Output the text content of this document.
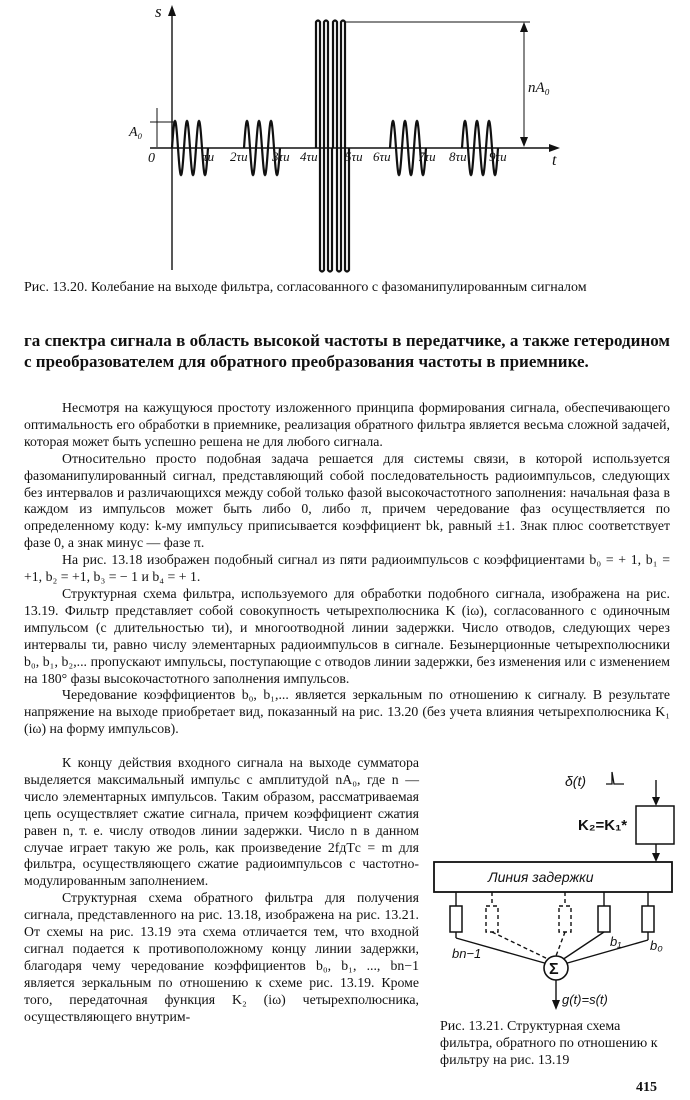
s
t
0
A₀
nA₀
τи 2τи 3τи 4τи 5τи 6τи 7τи 8τи 9τи
Рис. 13.20. Колебание на выходе фильтра, согласованного с фазоманипулированным сигналом
га спектра сигнала в область высокой частоты в передатчике, а также гетеродином с преобразователем для обратного преобразования частоты в приемнике.

Несмотря на кажущуюся простоту изложенного принципа формирования сигнала, обеспечивающего оптимальность его обработки в приемнике, реализация обратного фильтра является весьма сложной задачей, которая может быть успешно решена не для любого сигнала.

Относительно просто подобная задача решается для системы связи, в которой используется фазоманипулированный сигнал, представляющий собой последовательность радиоимпульсов, следующих без интервалов и различающихся между собой только фазой высокочастотного заполнения: начальная фаза в каждом из импульсов может быть либо 0, либо π, причем чередование фаз осуществляется по определенному коду: k-му импульсу приписывается коэффициент bk, равный ±1. Знак плюс соответствует фазе 0, а знак минус — фазе π.

На рис. 13.18 изображен подобный сигнал из пяти радиоимпульсов с коэффициентами b₀ = + 1, b₁ = +1, b₂ = +1, b₃ = − 1 и b₄ = + 1.

Структурная схема фильтра, используемого для обработки подобного сигнала, изображена на рис. 13.19. Фильтр представляет собой совокупность четырехполюсника K (iω), согласованного с одиночным импульсом (с длительностью τи), и многоотводной линии задержки. Число отводов, следующих через интервалы τи, равно числу элементарных радиоимпульсов в сигнале. Безынерционные четырехполюсники b₀, b₁, b₂,... пропускают импульсы, поступающие с отводов линии задержки, без изменения или с изменением на 180° фазы высокочастотного заполнения импульсов.

Чередование коэффициентов b₀, b₁,... является зеркальным по отношению к сигналу. В результате напряжение на выходе приобретает вид, показанный на рис. 13.20 (без учета влияния четырехполюсника K₁ (iω) на форму импульсов).

К концу действия входного сигнала на выходе сумматора выделяется максимальный импульс с амплитудой nA₀, где n — число элементарных импульсов. Таким образом, рассматриваемая цепь осуществляет сжатие сигнала, причем коэффициент сжатия равен n, т. е. числу отводов линии задержки. Число n в данном случае играет такую же роль, как произведение 2fдTс = m для фильтра, осуществляющего сжатие радиоимпульсов с частотно-модулированным заполнением.

Структурная схема обратного фильтра для получения сигнала, представленного на рис. 13.18, изображена на рис. 13.21. От схемы на рис. 13.19 эта схема отличается тем, что входной сигнал подается к противоположному концу линии задержки, благодаря чему чередование коэффициентов b₀, b₁, ..., bn−1 является зеркальным по отношению к схеме рис. 13.19. Кроме того, передаточная функция K₂ (iω) четырехполюсника, осуществляющего внутрим-

δ(t)
K₂=K₁*
Линия задержки
bn−1
b₁ b₀
Σ
g(t)=s(t)
Рис. 13.21. Структурная схема фильтра, обратного по отношению к фильтру на рис. 13.19
415
